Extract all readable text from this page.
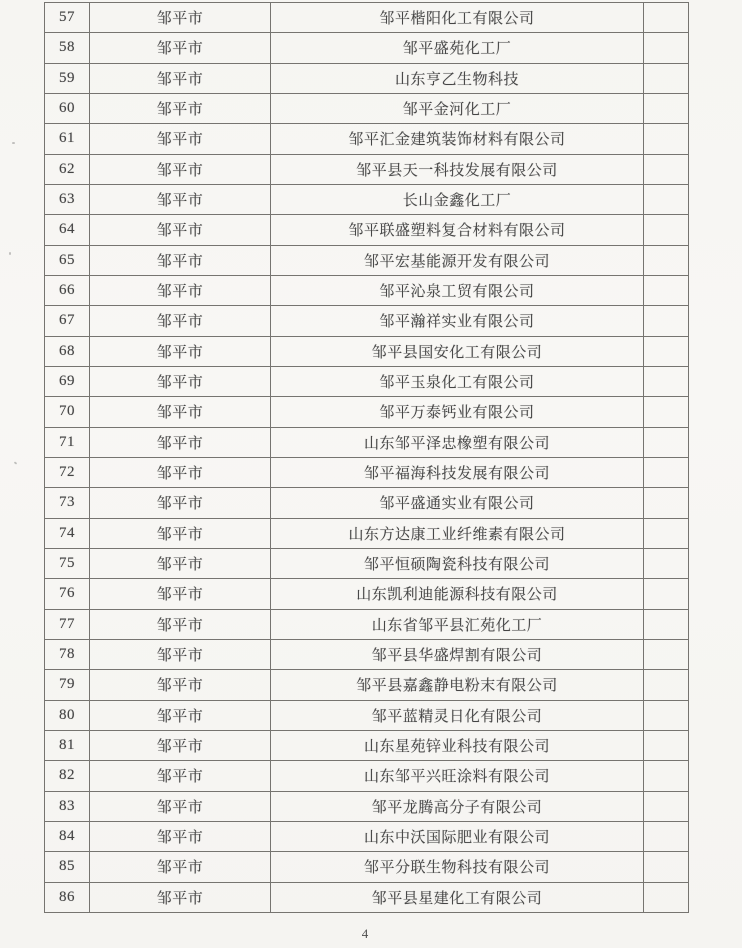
57	邹平市	邹平楷阳化工有限公司	
58	邹平市	邹平盛苑化工厂	
59	邹平市	山东亨乙生物科技	
60	邹平市	邹平金河化工厂	
61	邹平市	邹平汇金建筑装饰材料有限公司	
62	邹平市	邹平县天一科技发展有限公司	
63	邹平市	长山金鑫化工厂	
64	邹平市	邹平联盛塑料复合材料有限公司	
65	邹平市	邹平宏基能源开发有限公司	
66	邹平市	邹平沁泉工贸有限公司	
67	邹平市	邹平瀚祥实业有限公司	
68	邹平市	邹平县国安化工有限公司	
69	邹平市	邹平玉泉化工有限公司	
70	邹平市	邹平万泰钙业有限公司	
71	邹平市	山东邹平泽忠橡塑有限公司	
72	邹平市	邹平福海科技发展有限公司	
73	邹平市	邹平盛通实业有限公司	
74	邹平市	山东方达康工业纤维素有限公司	
75	邹平市	邹平恒硕陶瓷科技有限公司	
76	邹平市	山东凯利迪能源科技有限公司	
77	邹平市	山东省邹平县汇苑化工厂	
78	邹平市	邹平县华盛焊割有限公司	
79	邹平市	邹平县嘉鑫静电粉末有限公司	
80	邹平市	邹平蓝精灵日化有限公司	
81	邹平市	山东星苑锌业科技有限公司	
82	邹平市	山东邹平兴旺涂料有限公司	
83	邹平市	邹平龙腾高分子有限公司	
84	邹平市	山东中沃国际肥业有限公司	
85	邹平市	邹平分联生物科技有限公司	
86	邹平市	邹平县星建化工有限公司	
4
